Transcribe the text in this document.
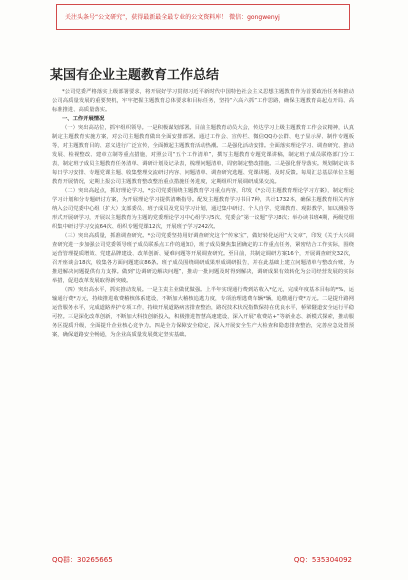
关注头条号“公文研究”，获得最新最全最专业的公文资料库！ 微信：gongwenyj
某国有企业主题教育工作总结

*公司党委严格落实上级部署要求，将开展好学习贯彻习近平新时代中国特色社会主义思想主题教育作为首要政治任务和推动公司高质量发展的重要契机，牢牢把握主题教育总体要求和目标任务，坚持“六高六抓”工作思路，确保主题教育高起点开局、高标准推进、高质量落实。

一、工作开展情况

（一）突出高站位，抓牢组织领导。一是积极谋划部署。目前主题教育动员大会，传达学习上级主题教育工作会议精神，认真制定主题教育实施方案，对公司主题教育做出全面安排部署。通过工作会、宣传栏、微信QQ办公群、电子显示屏、制作专题板等，对主题教育目的、意义进行广泛宣传，全面掀起主题教育活动热潮。二是强化活动安排。全面落实理论学习、调查研究、推动发展、检视整改、建章立制等重点措施，对照公司“五个工作清单”，撰写主题教育专题党课讲稿，制定班子成员联络部门分工表，制定班子成员主题教育任务清单、调研计划及记录表，梳理问题清单，周密制定整改措施。三是强化督导落实。规划制定该书每日学习安排、专题党课主题、收集整理交流研讨内容、问题清单、调查研究选题、党课讲题、及时反馈。每周汇总基层单位主题教育开展情况，定期上报公司主题教育整改整治重点措施任务进度，定期组织开展调研成果交流。

（二）突出高起点，抓好理论学习。*公司党委围绕主题教育学习重点内容，印发《*公司主题教育理论学习方案》，制定理论学习计划和分专题研讨方案，为开展理论学习提供清晰指导。配发主题教育学习书目7种，共计1732本，确保主题教育相关内容纳入公司党委中心组（扩大）支部委员、班子成员及党员学习计划，通过集中研讨、个人自学、党课教育、观影教学，如以测验等形式开展研学习，开展以主题教育为主题的党委理论学习中心组学习5次、党委会“第一议题”学习8次；举办读书班4期，两级党组织集中研讨学习交流64次、组织专题党课12次，开展班子学习242次。

（三）突出高质量，抓准调查研究。*公司党委坚持用好调查研究这个“传家宝”，做好转化运用“大文章”，印发《关于大兴调查研究进一步加强公司党委领导班子成员联系点工作的通知》，班子成员聚焦集团确定的工作重点任务，紧密结合工作实际，围绕运营管理提质增效、党建品牌建设、改革创新、疑难问题等开展调查研究。至目前，共制定调研方案16个，开展调查研究32次，召开座谈会18次，收集各方面问题建议86条。班子成员围绕调研成果形成调研报告，并在此基础上建立问题清单与整改台账，为推进解决问题提供有力支撑。做到“边调研边解决问题”，推动一批问题及时得到解决，调研成果有效转化为公司经营发展的实际举措，促进改革发展取得新突破。

（四）突出高水平，抓实推动发展。一是主责主业做优做强。上半年实现通行费到站收入*亿元，完成年度基本目标的*%，运输通行费*万元，持续推进收费稽核体系建设，不断加大稽核追逃力度，专项治理逃费车辆*辆，追缴通行费*万元。二是提升路网运营服务水平，完成道路养护专项工作，持续开展道路病害排查整治，路况技术状况指数保持在优良水平，桥梁隧道安全运行平稳可控。三是深化改革创新，不断加大科技创新投入，积极推进智慧高速建设，深入开展“收费站+”等新业态、新模式探索，推动服务区提质升级，全面提升企业核心竞争力。四是全力保障安全稳定，深入开展安全生产大检查和隐患排查整治，完善应急处置预案，确保道路安全畅通，为企业高质量发展奠定坚实基础。

QQ群：30265665	QQ：535304092
